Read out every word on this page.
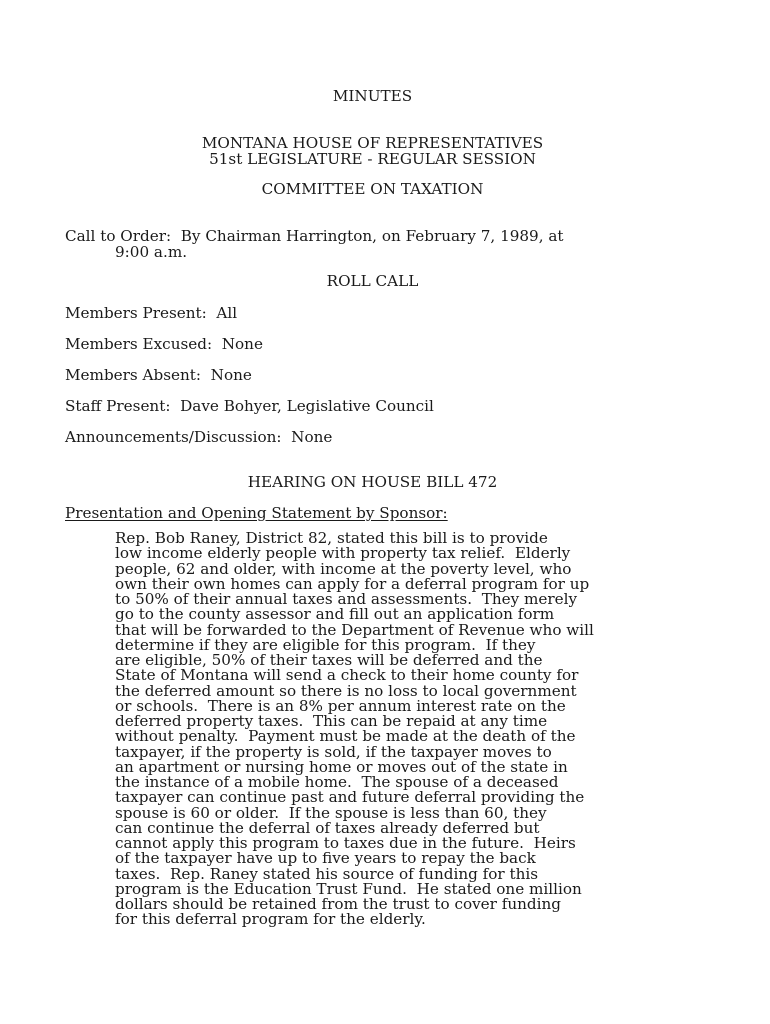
MINUTES
MONTANA HOUSE OF REPRESENTATIVES
51st LEGISLATURE - REGULAR SESSION
COMMITTEE ON TAXATION
Call to Order:  By Chairman Harrington, on February 7, 1989, at
9:00 a.m.
ROLL CALL
Members Present:  All
Members Excused:  None
Members Absent:  None
Staff Present:  Dave Bohyer, Legislative Council
Announcements/Discussion:  None
HEARING ON HOUSE BILL 472
Presentation and Opening Statement by Sponsor:
Rep. Bob Raney, District 82, stated this bill is to provide
low income elderly people with property tax relief.  Elderly
people, 62 and older, with income at the poverty level, who
own their own homes can apply for a deferral program for up
to 50% of their annual taxes and assessments.  They merely
go to the county assessor and fill out an application form
that will be forwarded to the Department of Revenue who will
determine if they are eligible for this program.  If they
are eligible, 50% of their taxes will be deferred and the
State of Montana will send a check to their home county for
the deferred amount so there is no loss to local government
or schools.  There is an 8% per annum interest rate on the
deferred property taxes.  This can be repaid at any time
without penalty.  Payment must be made at the death of the
taxpayer, if the property is sold, if the taxpayer moves to
an apartment or nursing home or moves out of the state in
the instance of a mobile home.  The spouse of a deceased
taxpayer can continue past and future deferral providing the
spouse is 60 or older.  If the spouse is less than 60, they
can continue the deferral of taxes already deferred but
cannot apply this program to taxes due in the future.  Heirs
of the taxpayer have up to five years to repay the back
taxes.  Rep. Raney stated his source of funding for this
program is the Education Trust Fund.  He stated one million
dollars should be retained from the trust to cover funding
for this deferral program for the elderly.
